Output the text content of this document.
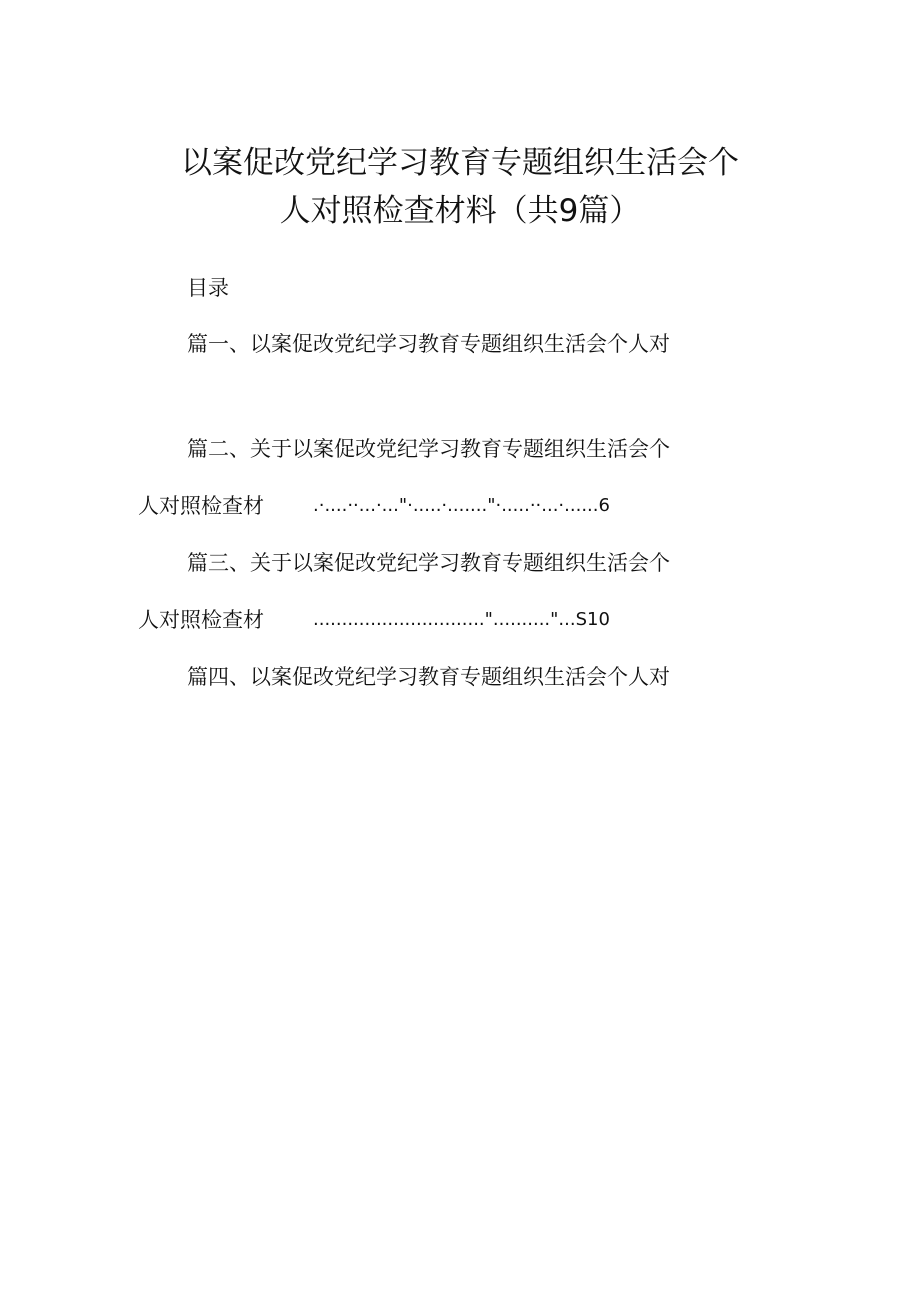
以案促改党纪学习教育专题组织生活会个
人对照检查材料（共9篇）
目录
篇一、以案促改党纪学习教育专题组织生活会个人对
篇二、关于以案促改党纪学习教育专题组织生活会个
人对照检查材	.·....··...·..."·.....·......."·.....··...·......6
篇三、关于以案促改党纪学习教育专题组织生活会个
人对照检查材	..............................".........."...S10
篇四、以案促改党纪学习教育专题组织生活会个人对
